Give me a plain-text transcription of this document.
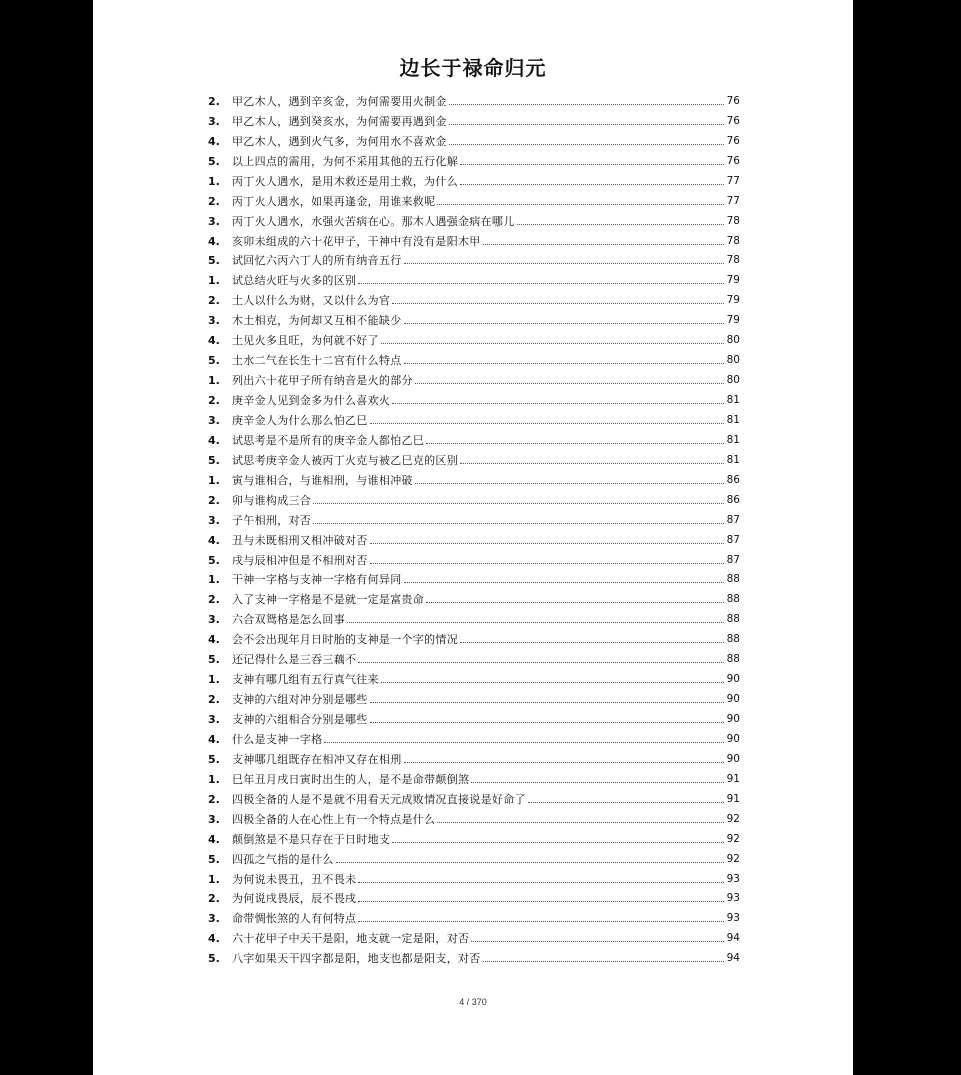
边长于禄命归元
2.	甲乙木人，遇到辛亥金，为何需要用火制金	76
3.	甲乙木人，遇到癸亥水，为何需要再遇到金	76
4.	甲乙木人，遇到火气多，为何用水不喜欢金	76
5.	以上四点的需用，为何不采用其他的五行化解	76
1.	丙丁火人遇水，是用木救还是用土救，为什么	77
2.	丙丁火人遇水，如果再逢金，用谁来救呢	77
3.	丙丁火人遇水，水强火苦病在心。那木人遇强金病在哪儿	78
4.	亥卯未组成的六十花甲子，干神中有没有是阳木甲	78
5.	试回忆六丙六丁人的所有纳音五行	78
1.	试总结火旺与火多的区别	79
2.	土人以什么为财，又以什么为官	79
3.	木土相克，为何却又互相不能缺少	79
4.	土见火多且旺，为何就不好了	80
5.	土水二气在长生十二宫有什么特点	80
1.	列出六十花甲子所有纳音是火的部分	80
2.	庚辛金人见到金多为什么喜欢火	81
3.	庚辛金人为什么那么怕乙巳	81
4.	试思考是不是所有的庚辛金人都怕乙巳	81
5.	试思考庚辛金人被丙丁火克与被乙巳克的区别	81
1.	寅与谁相合，与谁相刑，与谁相冲破	86
2.	卯与谁构成三合	86
3.	子午相刑，对否	87
4.	丑与未既相刑又相冲破对否	87
5.	戌与辰相冲但是不相刑对否	87
1.	干神一字格与支神一字格有何异同	88
2.	入了支神一字格是不是就一定是富贵命	88
3.	六合双鸳格是怎么回事	88
4.	会不会出现年月日时胎的支神是一个字的情况	88
5.	还记得什么是三吞三藕不	88
1.	支神有哪几组有五行真气往来	90
2.	支神的六组对冲分别是哪些	90
3.	支神的六组相合分别是哪些	90
4.	什么是支神一字格	90
5.	支神哪几组既存在相冲又存在相刑	90
1.	巳年丑月戌日寅时出生的人，是不是命带颠倒煞	91
2.	四极全备的人是不是就不用看天元成败情况直接说是好命了	91
3.	四极全备的人在心性上有一个特点是什么	92
4.	颠倒煞是不是只存在于日时地支	92
5.	四孤之气指的是什么	92
1.	为何说未畏丑，丑不畏未	93
2.	为何说戌畏辰，辰不畏戌	93
3.	命带惆怅煞的人有何特点	93
4.	六十花甲子中天干是阳，地支就一定是阳，对否	94
5.	八字如果天干四字都是阳，地支也都是阳支，对否	94
4 / 370
